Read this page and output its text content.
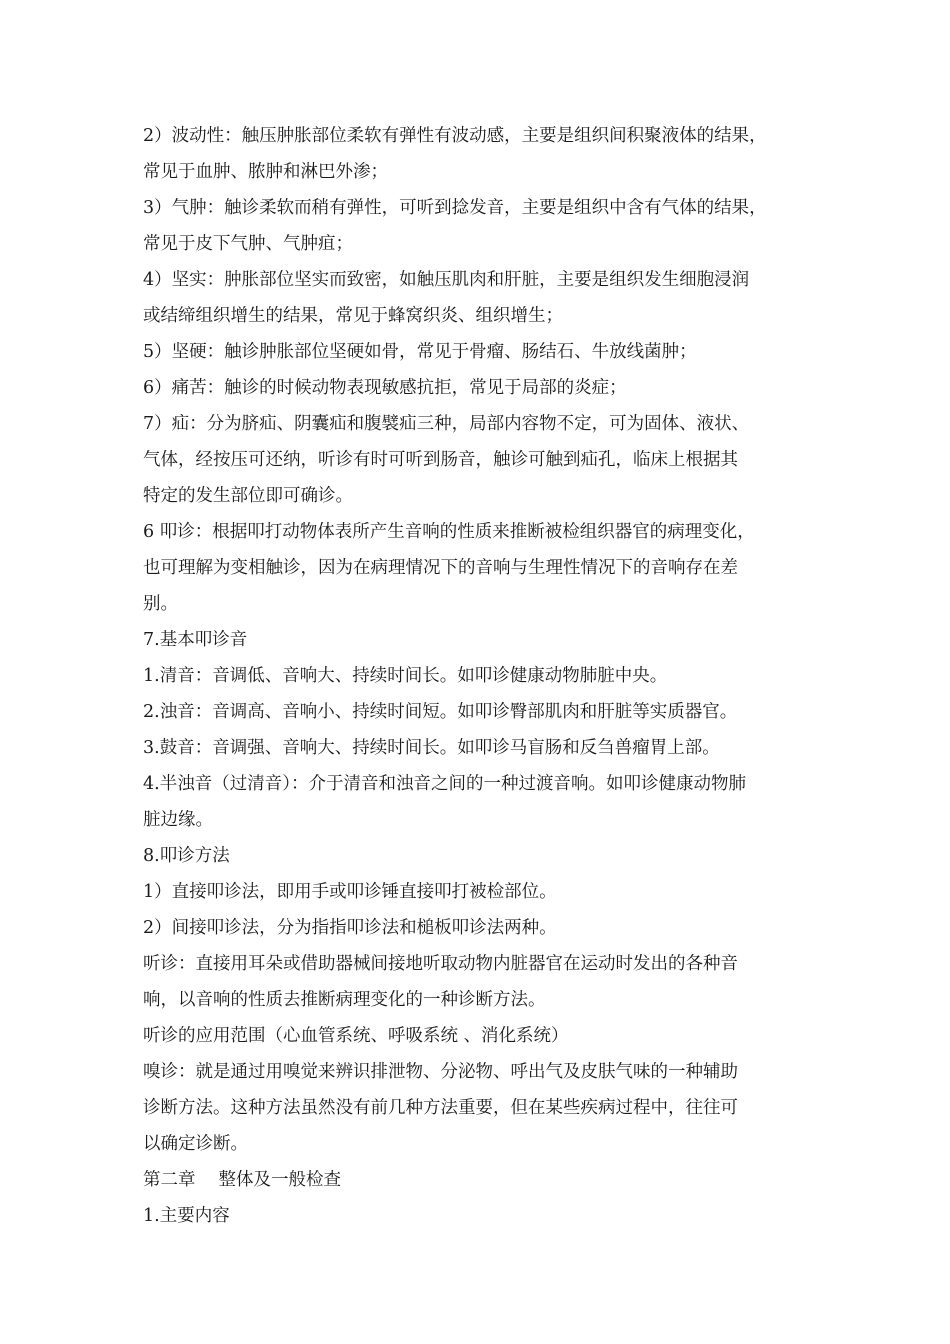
2）波动性：触压肿胀部位柔软有弹性有波动感，主要是组织间积聚液体的结果，
常见于血肿、脓肿和淋巴外渗；
3）气肿：触诊柔软而稍有弹性，可听到捻发音，主要是组织中含有气体的结果，
常见于皮下气肿、气肿疽；
4）坚实：肿胀部位坚实而致密，如触压肌肉和肝脏，主要是组织发生细胞浸润
或结缔组织增生的结果，常见于蜂窝织炎、组织增生；
5）坚硬：触诊肿胀部位坚硬如骨，常见于骨瘤、肠结石、牛放线菌肿；
6）痛苦：触诊的时候动物表现敏感抗拒，常见于局部的炎症；
7）疝：分为脐疝、阴囊疝和腹襞疝三种，局部内容物不定，可为固体、液状、
气体，经按压可还纳，听诊有时可听到肠音，触诊可触到疝孔，临床上根据其
特定的发生部位即可确诊。
6 叩诊：根据叩打动物体表所产生音响的性质来推断被检组织器官的病理变化，
也可理解为变相触诊，因为在病理情况下的音响与生理性情况下的音响存在差
别。
7.基本叩诊音
1.清音：音调低、音响大、持续时间长。如叩诊健康动物肺脏中央。
2.浊音：音调高、音响小、持续时间短。如叩诊臀部肌肉和肝脏等实质器官。
3.鼓音：音调强、音响大、持续时间长。如叩诊马盲肠和反刍兽瘤胃上部。
4.半浊音（过清音）：介于清音和浊音之间的一种过渡音响。如叩诊健康动物肺
脏边缘。
8.叩诊方法
1）直接叩诊法，即用手或叩诊锤直接叩打被检部位。
2）间接叩诊法，分为指指叩诊法和槌板叩诊法两种。
听诊：直接用耳朵或借助器械间接地听取动物内脏器官在运动时发出的各种音
响，以音响的性质去推断病理变化的一种诊断方法。
听诊的应用范围（心血管系统、呼吸系统 、消化系统）
嗅诊：就是通过用嗅觉来辨识排泄物、分泌物、呼出气及皮肤气味的一种辅助
诊断方法。这种方法虽然没有前几种方法重要，但在某些疾病过程中，往往可
以确定诊断。
第二章　 整体及一般检查
1.主要内容
